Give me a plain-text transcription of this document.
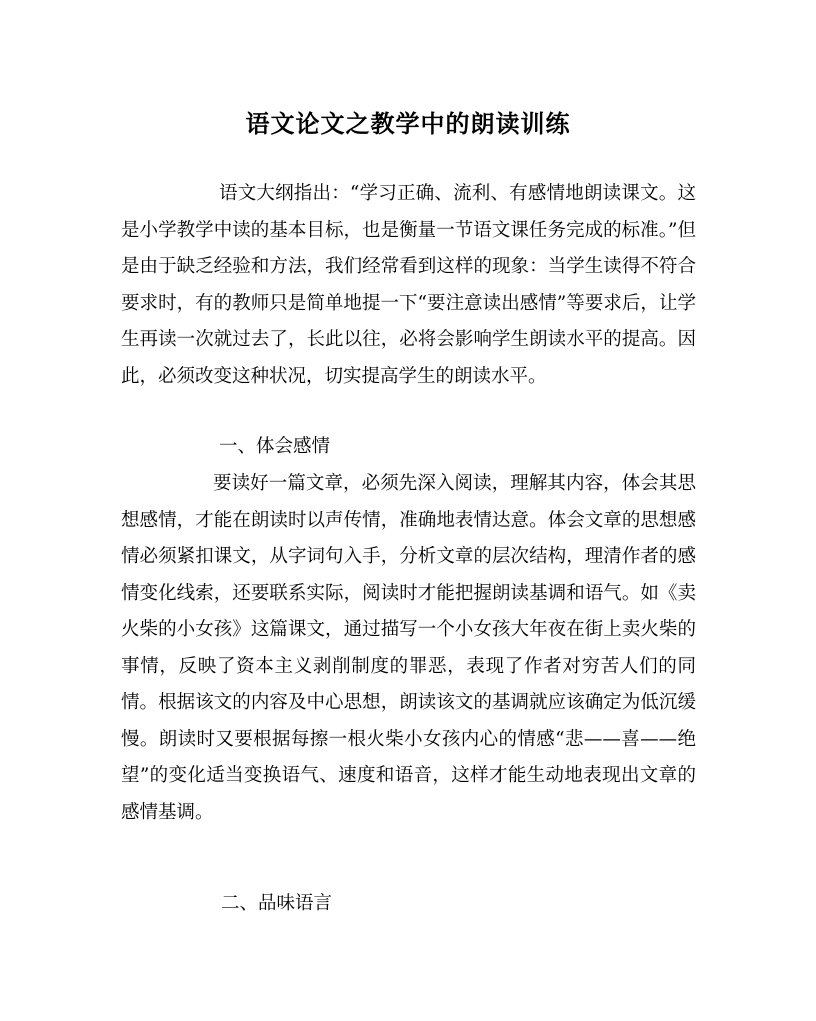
语文论文之教学中的朗读训练
语文大纲指出：“学习正确、流利、有感情地朗读课文。这是小学教学中读的基本目标，也是衡量一节语文课任务完成的标准。”但是由于缺乏经验和方法，我们经常看到这样的现象：当学生读得不符合要求时，有的教师只是简单地提一下“要注意读出感情”等要求后，让学生再读一次就过去了，长此以往，必将会影响学生朗读水平的提高。因此，必须改变这种状况，切实提高学生的朗读水平。
一、体会感情
要读好一篇文章，必须先深入阅读，理解其内容，体会其思想感情，才能在朗读时以声传情，准确地表情达意。体会文章的思想感情必须紧扣课文，从字词句入手，分析文章的层次结构，理清作者的感情变化线索，还要联系实际，阅读时才能把握朗读基调和语气。如《卖火柴的小女孩》这篇课文，通过描写一个小女孩大年夜在街上卖火柴的事情，反映了资本主义剥削制度的罪恶，表现了作者对穷苦人们的同情。根据该文的内容及中心思想，朗读该文的基调就应该确定为低沉缓慢。朗读时又要根据每擦一根火柴小女孩内心的情感“悲——喜——绝望”的变化适当变换语气、速度和语音，这样才能生动地表现出文章的感情基调。
二、品味语言
